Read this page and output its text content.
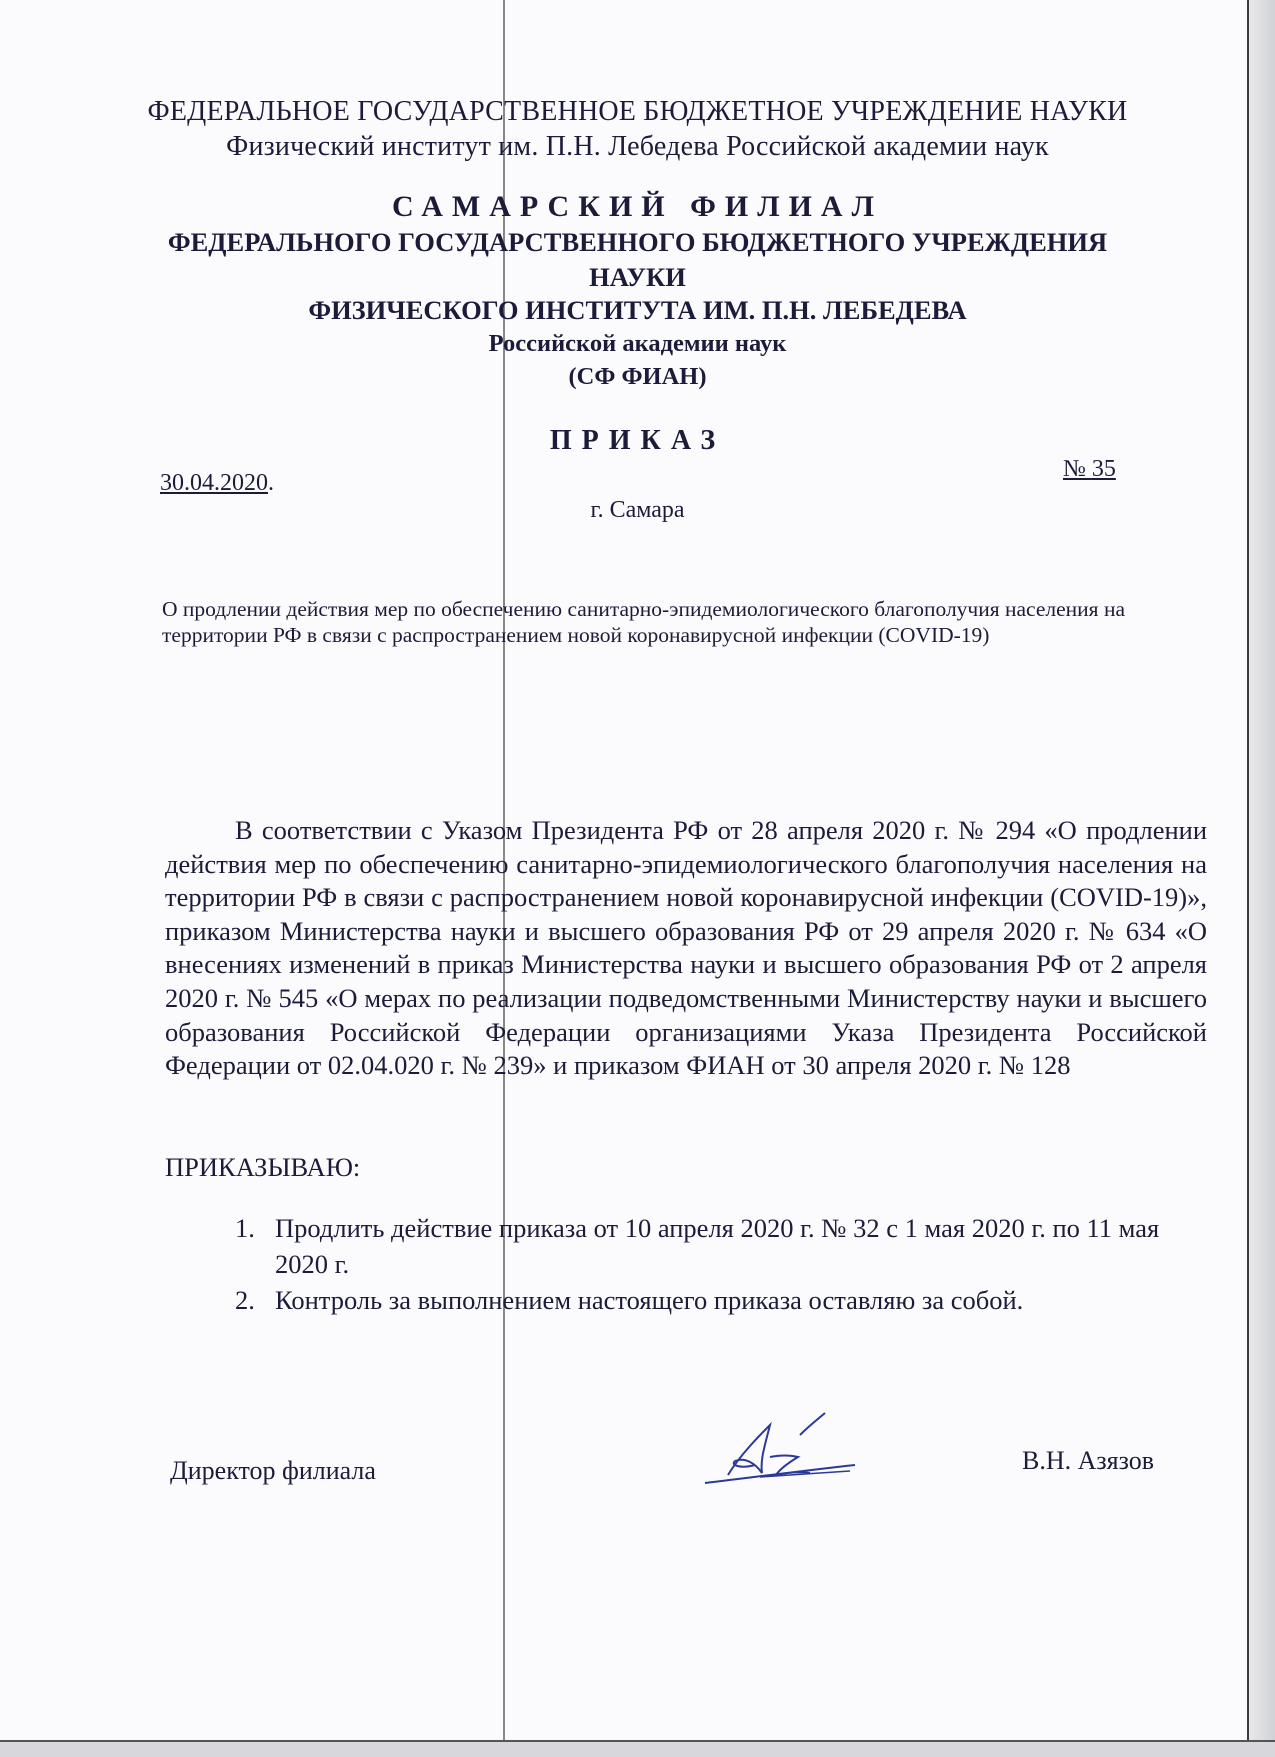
ФЕДЕРАЛЬНОЕ ГОСУДАРСТВЕННОЕ БЮДЖЕТНОЕ УЧРЕЖДЕНИЕ НАУКИ
Физический институт им. П.Н. Лебедева Российской академии наук
САМАРСКИЙ ФИЛИАЛ
ФЕДЕРАЛЬНОГО ГОСУДАРСТВЕННОГО БЮДЖЕТНОГО УЧРЕЖДЕНИЯ
НАУКИ
ФИЗИЧЕСКОГО ИНСТИТУТА ИМ. П.Н. ЛЕБЕДЕВА
Российской академии наук
(СФ ФИАН)
ПРИКАЗ
30.04.2020.
№ 35
г. Самара
О продлении действия мер по обеспечению санитарно-эпидемиологического благополучия населения на территории РФ в связи с распространением новой коронавирусной инфекции (COVID-19)

В соответствии с Указом Президента РФ от 28 апреля 2020 г. № 294 «О продлении действия мер по обеспечению санитарно-эпидемиологического благополучия населения на территории РФ в связи с распространением новой коронавирусной инфекции (COVID-19)», приказом Министерства науки и высшего образования РФ от 29 апреля 2020 г. № 634 «О внесениях изменений в приказ Министерства науки и высшего образования РФ от 2 апреля 2020 г. № 545 «О мерах по реализации подведомственными Министерству науки и высшего образования Российской Федерации организациями Указа Президента Российской Федерации от 02.04.020 г. № 239» и приказом ФИАН от 30 апреля 2020 г. № 128

ПРИКАЗЫВАЮ:
1. Продлить действие приказа от 10 апреля 2020 г. № 32 с 1 мая 2020 г. по 11 мая 2020 г.
2. Контроль за выполнением настоящего приказа оставляю за собой.
Директор филиала	В.Н. Азязов
